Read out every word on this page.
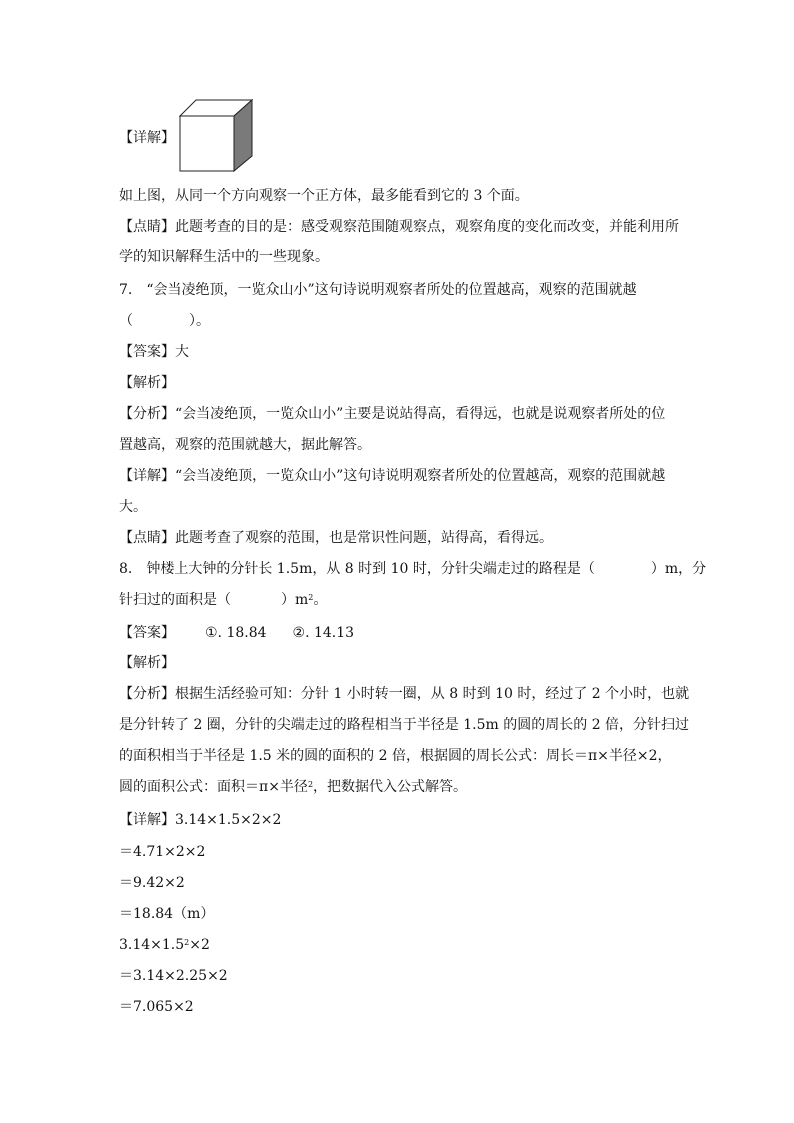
【详解】
如上图，从同一个方向观察一个正方体，最多能看到它的 3 个面。
【点睛】此题考查的目的是：感受观察范围随观察点，观察角度的变化而改变，并能利用所
学的知识解释生活中的一些现象。
7.　“会当凌绝顶，一览众山小”这句诗说明观察者所处的位置越高，观察的范围就越
（	）。
【答案】大
【解析】
【分析】“会当凌绝顶，一览众山小”主要是说站得高，看得远，也就是说观察者所处的位
置越高，观察的范围就越大，据此解答。
【详解】“会当凌绝顶，一览众山小”这句诗说明观察者所处的位置越高，观察的范围就越
大。
【点睛】此题考查了观察的范围，也是常识性问题，站得高，看得远。
8.　钟楼上大钟的分针长 1.5m，从 8 时到 10 时，分针尖端走过的路程是（	）m，分
针扫过的面积是（	）$m^2$。
【答案】 ①. 18.84 ②. 14.13
【解析】
【分析】根据生活经验可知：分针 1 小时转一圈，从 8 时到 10 时，经过了 2 个小时，也就
是分针转了 2 圈，分针的尖端走过的路程相当于半径是 1.5m 的圆的周长的 2 倍，分针扫过
的面积相当于半径是 1.5 米的圆的面积的 2 倍，根据圆的周长公式：周长＝π×半径×2，
圆的面积公式：面积＝π×半径$^2$，把数据代入公式解答。
【详解】3.14×1.5×2×2
＝4.71×2×2
＝9.42×2
＝18.84（m）
$3.14\times 1.5^2\times 2$
＝3.14×2.25×2
＝7.065×2
